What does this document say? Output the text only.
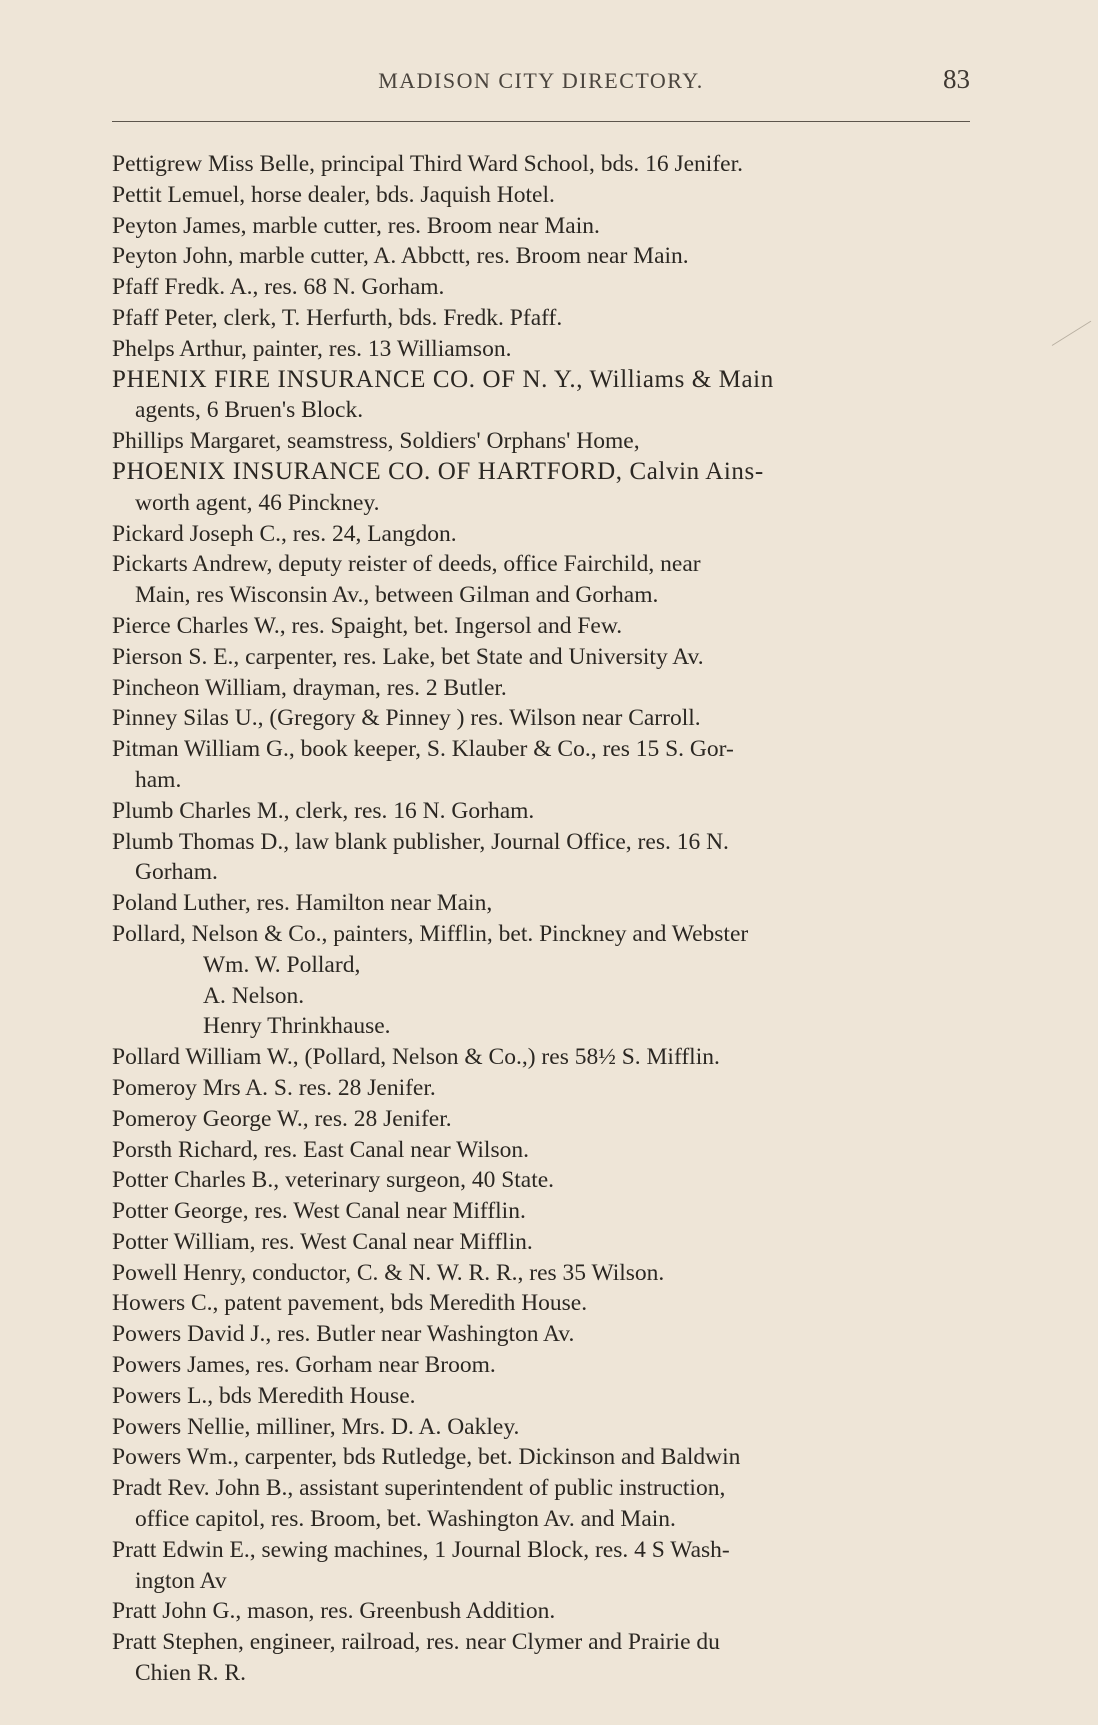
MADISON CITY DIRECTORY.	83
Pettigrew Miss Belle, principal Third Ward School, bds. 16 Jenifer.
Pettit Lemuel, horse dealer, bds. Jaquish Hotel.
Peyton James, marble cutter, res. Broom near Main.
Peyton John, marble cutter, A. Abbctt, res. Broom near Main.
Pfaff Fredk. A., res. 68 N. Gorham.
Pfaff Peter, clerk, T. Herfurth, bds. Fredk. Pfaff.
Phelps Arthur, painter, res. 13 Williamson.
PHENIX FIRE INSURANCE CO. OF N. Y., Williams & Main
agents, 6 Bruen's Block.
Phillips Margaret, seamstress, Soldiers' Orphans' Home,
PHOENIX INSURANCE CO. OF HARTFORD, Calvin Ains-
worth agent, 46 Pinckney.
Pickard Joseph C., res. 24, Langdon.
Pickarts Andrew, deputy reister of deeds, office Fairchild, near
Main, res Wisconsin Av., between Gilman and Gorham.
Pierce Charles W., res. Spaight, bet. Ingersol and Few.
Pierson S. E., carpenter, res. Lake, bet State and University Av.
Pincheon William, drayman, res. 2 Butler.
Pinney Silas U., (Gregory & Pinney ) res. Wilson near Carroll.
Pitman William G., book keeper, S. Klauber & Co., res 15 S. Gor-
ham.
Plumb Charles M., clerk, res. 16 N. Gorham.
Plumb Thomas D., law blank publisher, Journal Office, res. 16 N.
Gorham.
Poland Luther, res. Hamilton near Main,
Pollard, Nelson & Co., painters, Mifflin, bet. Pinckney and Webster
Wm. W. Pollard,
A. Nelson.
Henry Thrinkhause.
Pollard William W., (Pollard, Nelson & Co.,) res 58½ S. Mifflin.
Pomeroy Mrs A. S. res. 28 Jenifer.
Pomeroy George W., res. 28 Jenifer.
Porsth Richard, res. East Canal near Wilson.
Potter Charles B., veterinary surgeon, 40 State.
Potter George, res. West Canal near Mifflin.
Potter William, res. West Canal near Mifflin.
Powell Henry, conductor, C. & N. W. R. R., res 35 Wilson.
Howers C., patent pavement, bds Meredith House.
Powers David J., res. Butler near Washington Av.
Powers James, res. Gorham near Broom.
Powers L., bds Meredith House.
Powers Nellie, milliner, Mrs. D. A. Oakley.
Powers Wm., carpenter, bds Rutledge, bet. Dickinson and Baldwin
Pradt Rev. John B., assistant superintendent of public instruction,
office capitol, res. Broom, bet. Washington Av. and Main.
Pratt Edwin E., sewing machines, 1 Journal Block, res. 4 S Wash-
ington Av
Pratt John G., mason, res. Greenbush Addition.
Pratt Stephen, engineer, railroad, res. near Clymer and Prairie du
Chien R. R.
